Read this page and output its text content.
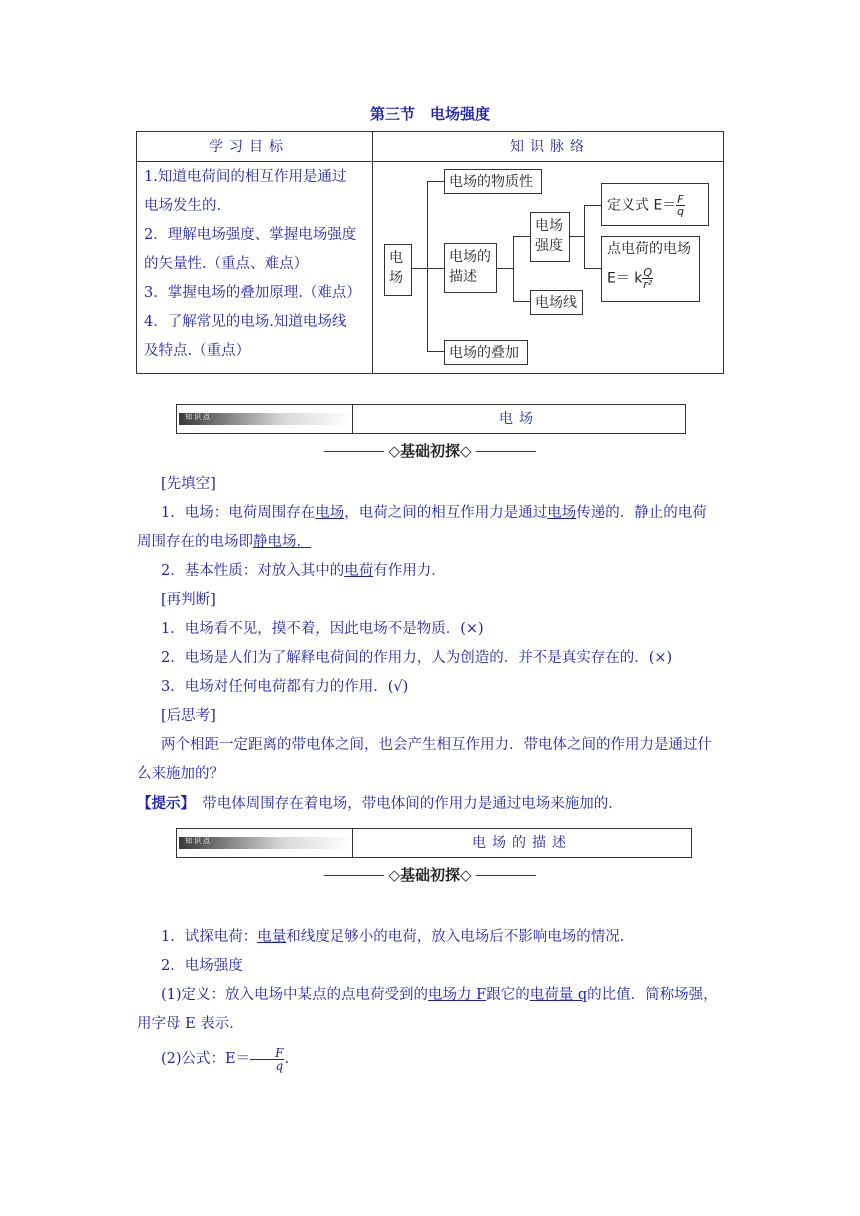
第三节　电场强度
学习目标	知识脉络

1.知道电荷间的相互作用是通过

电场发生的.

2．理解电场强度、掌握电场强度

的矢量性.（重点、难点）

3．掌握电场的叠加原理.（难点）

4．了解常见的电场.知道电场线

及特点.（重点）

电场
电场的物质性
电场的描述
电场强度
电场线
电场的叠加
定义式 $E= \frac{F}{q}$
点电荷的电场
E＝ k $\frac{Q}{\text{r²}}$
知识点	电场
◇基础初探◇

[先填空]

1．电场：电荷周围存在电场，电荷之间的相互作用力是通过电场传递的．静止的电荷

周围存在的电场即静电场．

2．基本性质：对放入其中的电荷有作用力．

[再判断]

1．电场看不见，摸不着，因此电场不是物质．(×)

2．电场是人们为了解释电荷间的作用力，人为创造的．并不是真实存在的．(×)

3．电场对任何电荷都有力的作用．(√)

[后思考]

两个相距一定距离的带电体之间，也会产生相互作用力．带电体之间的作用力是通过什

么来施加的？

【提示】　带电体周围存在着电场，带电体间的作用力是通过电场来施加的．

知识点	电场的描述
◇基础初探◇

1．试探电荷：电量和线度足够小的电荷，放入电场后不影响电场的情况．

2．电场强度

(1)定义：放入电场中某点的点电荷受到的电场力 F跟它的电荷量 q的比值．简称场强，

用字母 E 表示．

(2)公式：$E= \frac{F}{q}$ .
